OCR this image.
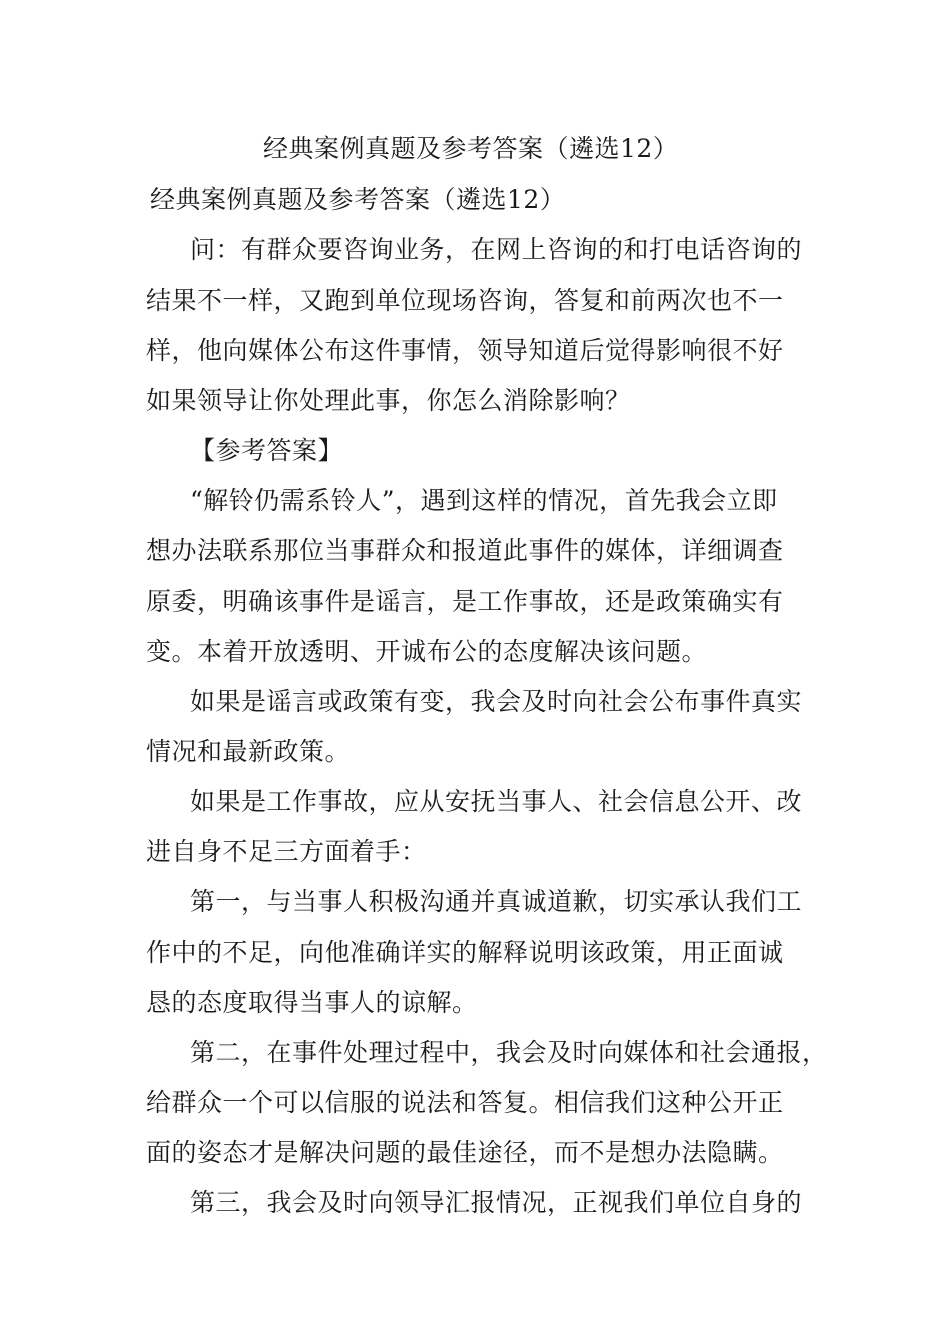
经典案例真题及参考答案（遴选12）
经典案例真题及参考答案（遴选12）
问：有群众要咨询业务，在网上咨询的和打电话咨询的
结果不一样，又跑到单位现场咨询，答复和前两次也不一
样，他向媒体公布这件事情，领导知道后觉得影响很不好
如果领导让你处理此事，你怎么消除影响？
【参考答案】
“解铃仍需系铃人”，遇到这样的情况，首先我会立即
想办法联系那位当事群众和报道此事件的媒体，详细调查
原委，明确该事件是谣言，是工作事故，还是政策确实有
变。本着开放透明、开诚布公的态度解决该问题。
如果是谣言或政策有变，我会及时向社会公布事件真实
情况和最新政策。
如果是工作事故，应从安抚当事人、社会信息公开、改
进自身不足三方面着手：
第一，与当事人积极沟通并真诚道歉，切实承认我们工
作中的不足，向他准确详实的解释说明该政策，用正面诚
恳的态度取得当事人的谅解。
第二，在事件处理过程中，我会及时向媒体和社会通报，
给群众一个可以信服的说法和答复。相信我们这种公开正
面的姿态才是解决问题的最佳途径，而不是想办法隐瞒。
第三，我会及时向领导汇报情况，正视我们单位自身的
